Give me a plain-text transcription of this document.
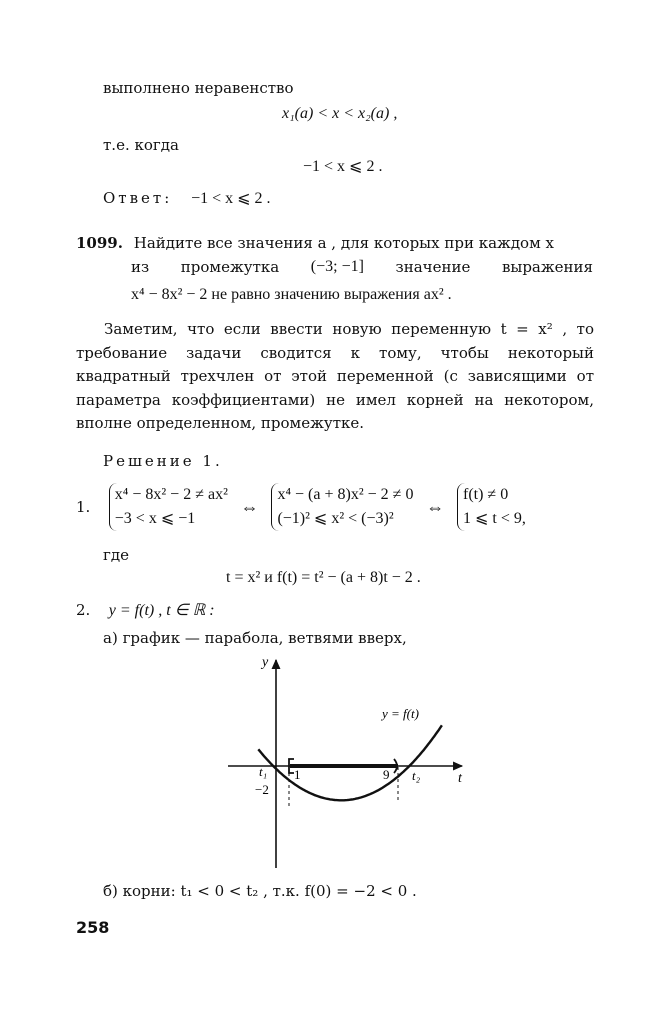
выполнено неравенство
x₁(a) < x < x₂(a) ,
т.е. когда
−1 < x ⩽ 2 .
Ответ: −1 < x ⩽ 2 .
1099. Найдите все значения a , для которых при каждом x
из промежутка (−3; −1] значение выражения
x⁴ − 8x² − 2 не равно значению выражения ax² .
Заметим, что если ввести новую переменную t = x² , то требование задачи сводится к тому, чтобы некоторый квадратный трехчлен от этой переменной (с зависящими от параметра коэффициентами) не имел корней на некотором, вполне определенном, промежутке.
Решение 1.
1.
x⁴ − 8x² − 2 ≠ ax²
−3 < x ⩽ −1
⇔
x⁴ − (a + 8)x² − 2 ≠ 0
(−1)² ⩽ x² < (−3)²
⇔
f(t) ≠ 0
1 ⩽ t < 9,
где
t = x² и f(t) = t² − (a + 8)t − 2 .
2. y = f(t) , t ∈ ℝ :
а) график — парабола, ветвями вверх,
y
t
t₁ 1	9 t₂
−2
y = f(t)
б) корни: t₁ < 0 < t₂ , т.к. f(0) = −2 < 0 .
258
